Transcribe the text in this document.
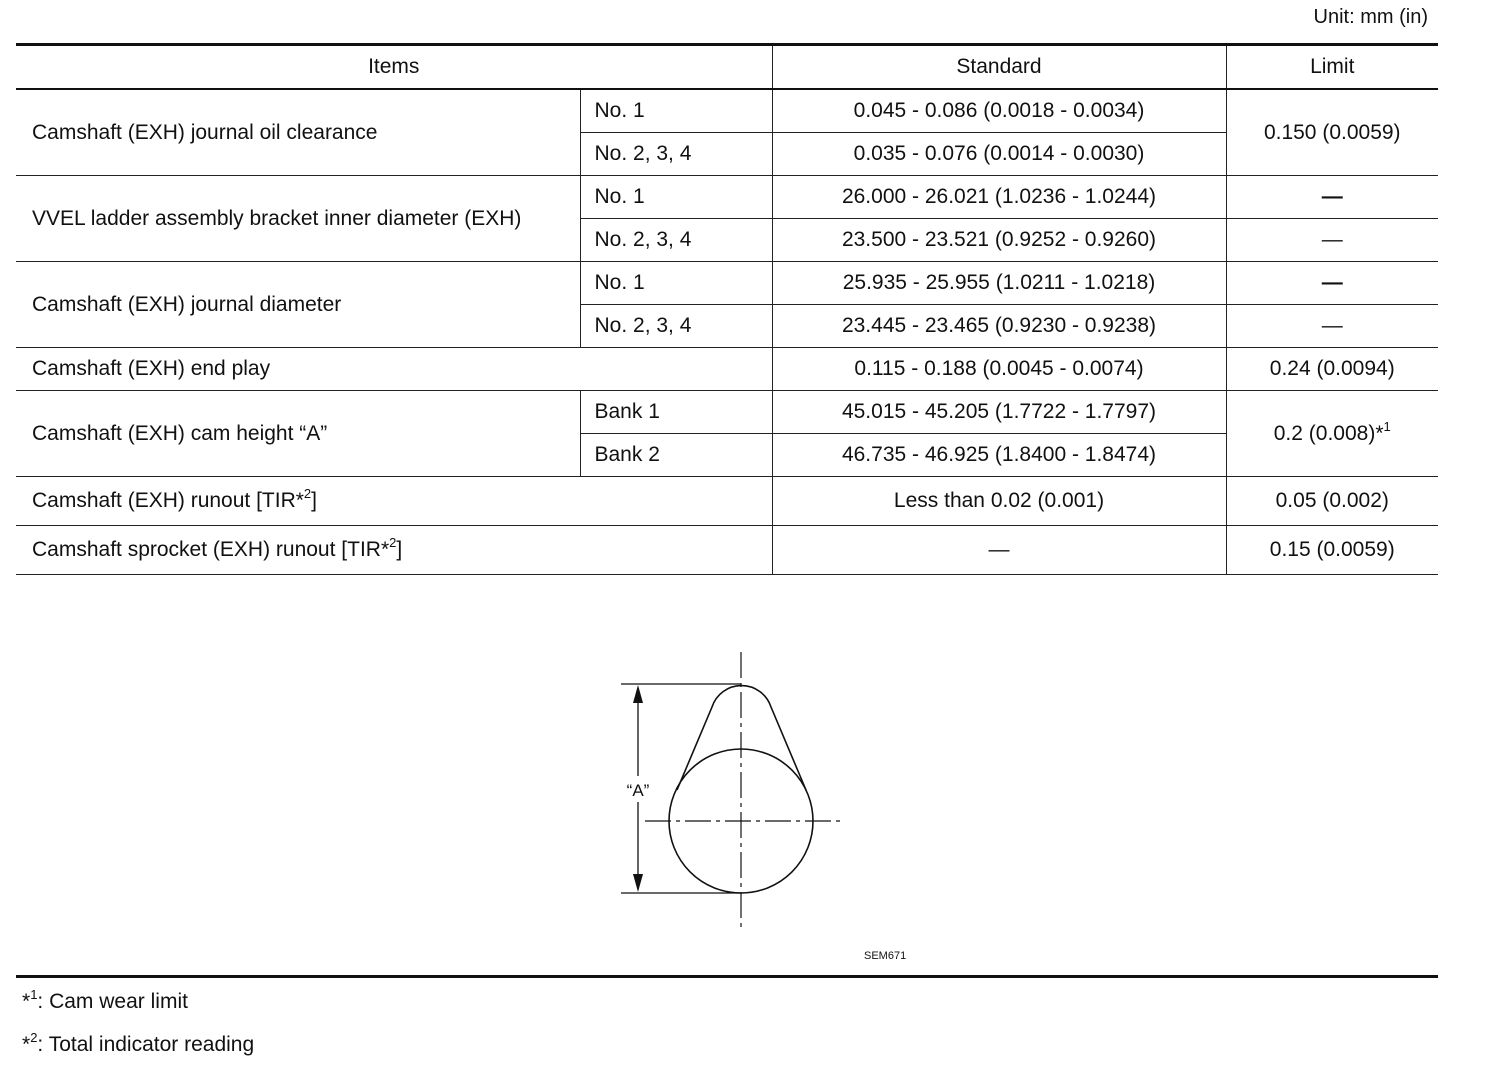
Unit: mm (in)
Items		Standard	Limit
Camshaft (EXH) journal oil clearance	No. 1	0.045 - 0.086 (0.0018 - 0.0034)	0.150 (0.0059)
	No. 2, 3, 4	0.035 - 0.076 (0.0014 - 0.0030)	
VVEL ladder assembly bracket inner diameter (EXH)	No. 1	26.000 - 26.021 (1.0236 - 1.0244)	—
	No. 2, 3, 4	23.500 - 23.521 (0.9252 - 0.9260)	—
Camshaft (EXH) journal diameter	No. 1	25.935 - 25.955 (1.0211 - 1.0218)	—
	No. 2, 3, 4	23.445 - 23.465 (0.9230 - 0.9238)	—
Camshaft (EXH) end play		0.115 - 0.188 (0.0045 - 0.0074)	0.24 (0.0094)
Camshaft (EXH) cam height “A”	Bank 1	45.015 - 45.205 (1.7722 - 1.7797)	0.2 (0.008)*$^1$
	Bank 2	46.735 - 46.925 (1.8400 - 1.8474)	
Camshaft (EXH) runout [TIR*$^2$]		Less than 0.02 (0.001)	0.05 (0.002)
Camshaft sprocket (EXH) runout [TIR*$^2$]		—	0.15 (0.0059)
“A”
SEM671
*$^1$: Cam wear limit
*$^2$: Total indicator reading
